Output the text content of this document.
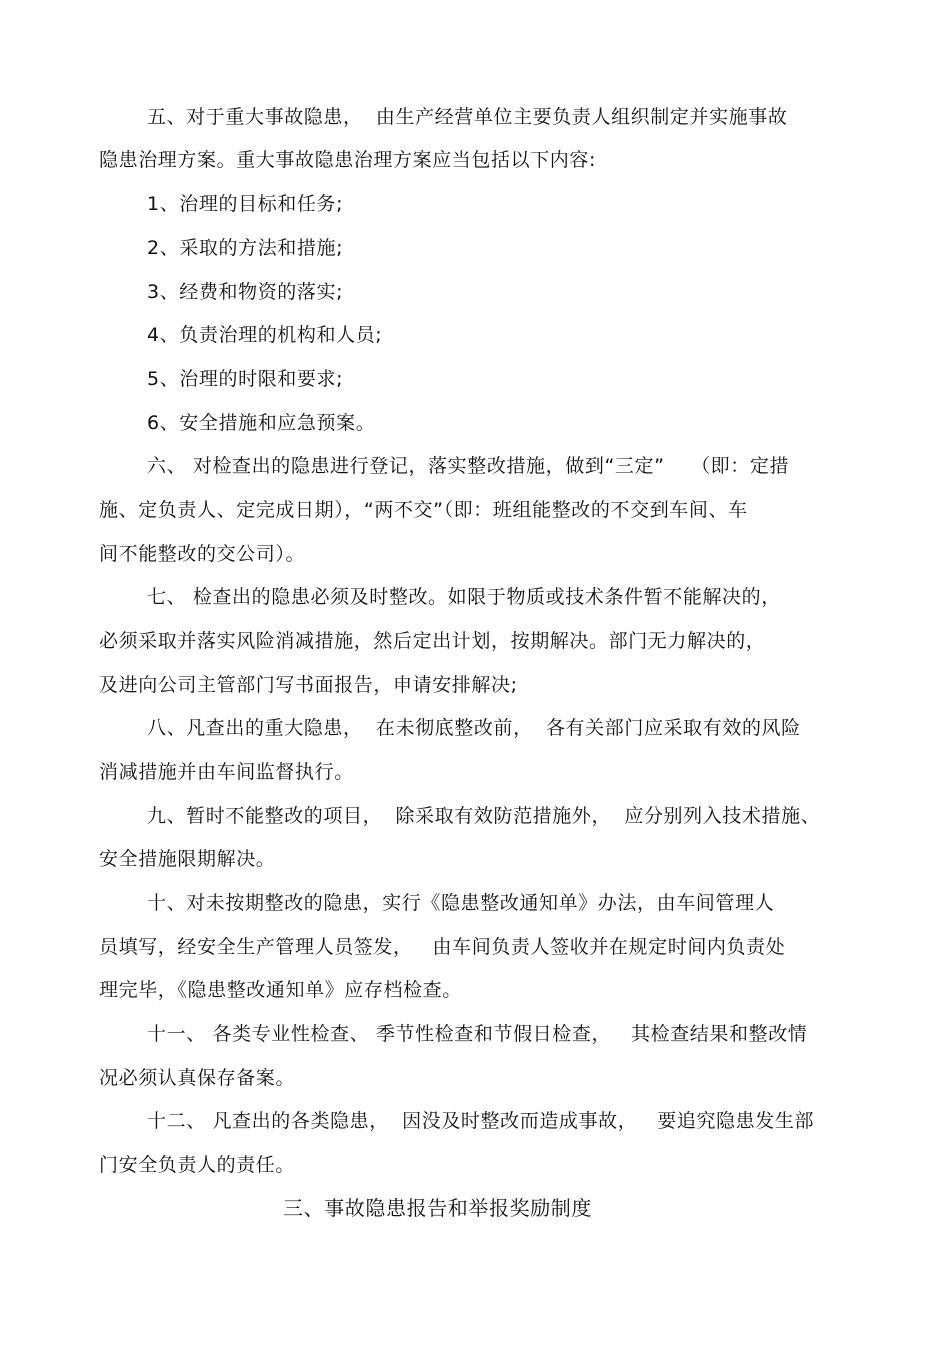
五、对于重大事故隐患，  由生产经营单位主要负责人组织制定并实施事故
隐患治理方案。重大事故隐患治理方案应当包括以下内容:
1、治理的目标和任务;
2、采取的方法和措施;
3、经费和物资的落实;
4、负责治理的机构和人员;
5、治理的时限和要求;
6、安全措施和应急预案。
六、 对检查出的隐患进行登记，落实整改措施，做到“三定”    （即：定措
施、定负责人、定完成日期），“两不交”（即：班组能整改的不交到车间、车
间不能整改的交公司）。
七、 检查出的隐患必须及时整改。如限于物质或技术条件暂不能解决的，
必须采取并落实风险消减措施，然后定出计划，按期解决。部门无力解决的，
及进向公司主管部门写书面报告，申请安排解决;
八、凡查出的重大隐患，  在未彻底整改前，  各有关部门应采取有效的风险
消减措施并由车间监督执行。
九、暂时不能整改的项目，  除采取有效防范措施外，  应分别列入技术措施、
安全措施限期解决。
十、对未按期整改的隐患，实行《隐患整改通知单》办法，由车间管理人
员填写，经安全生产管理人员签发，   由车间负责人签收并在规定时间内负责处
理完毕，《隐患整改通知单》应存档检查。
十一、 各类专业性检查、 季节性检查和节假日检查，   其检查结果和整改情
况必须认真保存备案。
十二、 凡查出的各类隐患，  因没及时整改而造成事故，   要追究隐患发生部
门安全负责人的责任。
三、事故隐患报告和举报奖励制度
